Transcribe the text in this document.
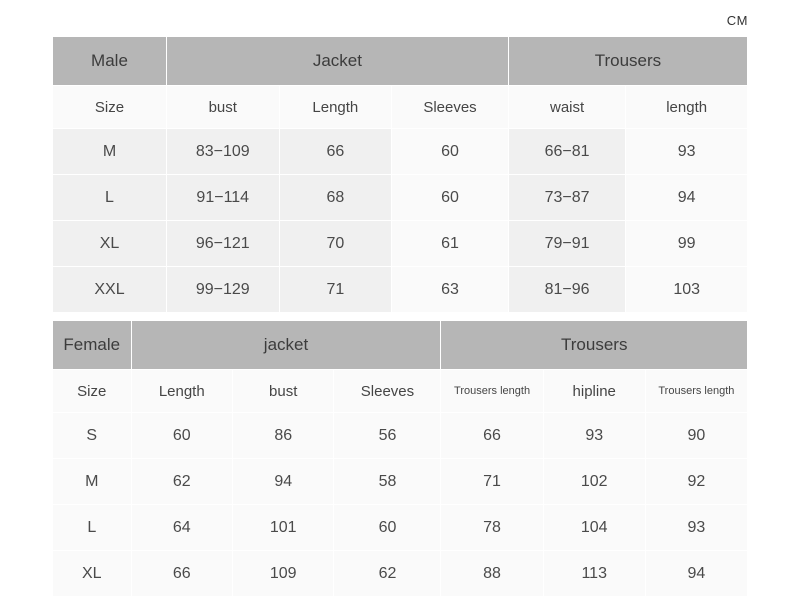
CM
Male	Jacket			Trousers	
Size	bust	Length	Sleeves	waist	length
M	83−109	66	60	66−81	93
L	91−114	68	60	73−87	94
XL	96−121	70	61	79−91	99
XXL	99−129	71	63	81−96	103
Female	jacket			Trousers		
Size	Length	bust	Sleeves	Trousers length	hipline	Trousers length

S	60	86	56	66	93	90
M	62	94	58	71	102	92
L	64	101	60	78	104	93
XL	66	109	62	88	113	94
